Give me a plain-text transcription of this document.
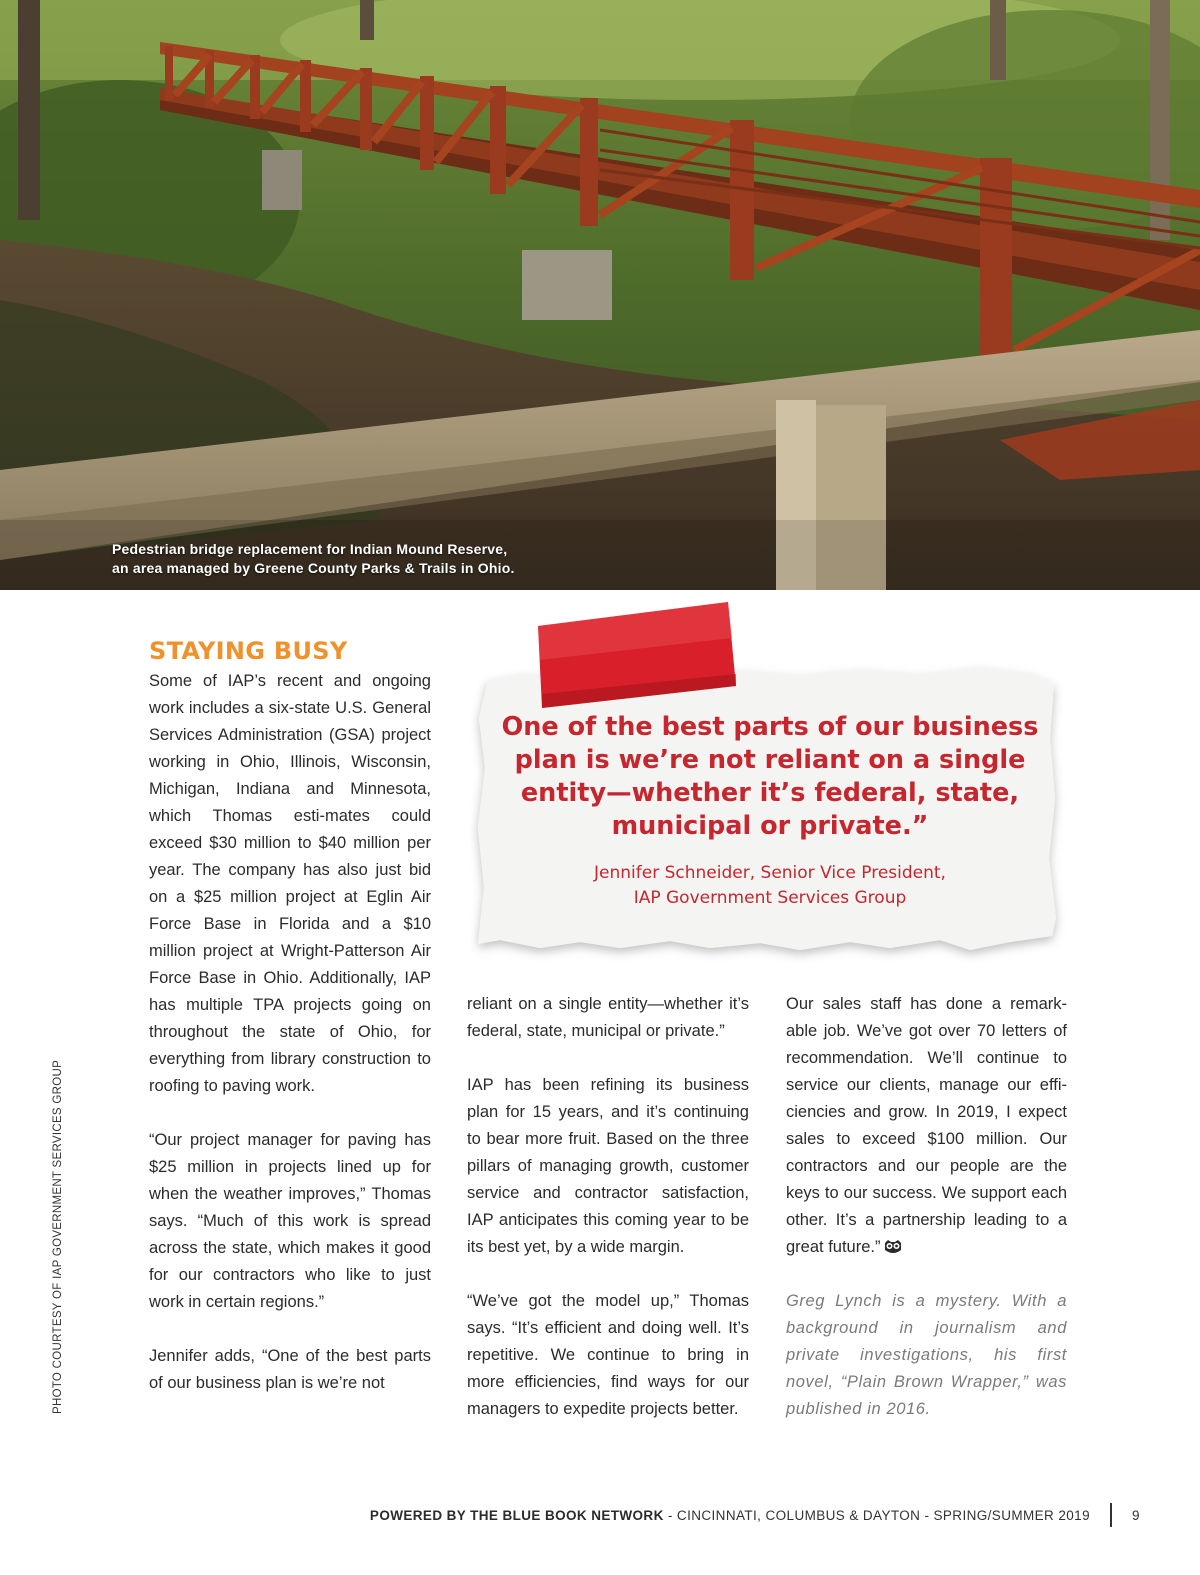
Pedestrian bridge replacement for Indian Mound Reserve,
an area managed by Greene County Parks & Trails in Ohio.
PHOTO COURTESY OF IAP GOVERNMENT SERVICES GROUP
STAYING BUSY

Some of IAP’s recent and ongoing work includes a six-state U.S. General Services Administration (GSA) project working in Ohio, Illinois, Wisconsin, Michigan, Indiana and Minnesota, which Thomas esti-mates could exceed $30 million to $40 million per year. The company has also just bid on a $25 million project at Eglin Air Force Base in Florida and a $10 million project at Wright-Patterson Air Force Base in Ohio. Additionally, IAP has multiple TPA projects going on throughout the state of Ohio, for everything from library construction to roofing to paving work.

“Our project manager for paving has $25 million in projects lined up for when the weather improves,” Thomas says. “Much of this work is spread across the state, which makes it good for our contractors who like to just work in certain regions.”

Jennifer adds, “One of the best parts of our business plan is we’re not

One of the best parts of our business plan is we’re not reliant on a single entity—whether it’s federal, state, municipal or private.”
Jennifer Schneider, Senior Vice President,
IAP Government Services Group

reliant on a single entity—whether it’s federal, state, municipal or private.”

IAP has been refining its business plan for 15 years, and it’s continuing to bear more fruit. Based on the three pillars of managing growth, customer service and contractor satisfaction, IAP anticipates this coming year to be its best yet, by a wide margin.

“We’ve got the model up,” Thomas says. “It’s efficient and doing well. It’s repetitive. We continue to bring in more efficiencies, find ways for our managers to expedite projects better.

Our sales staff has done a remark-able job. We’ve got over 70 letters of recommendation. We’ll continue to service our clients, manage our effi-ciencies and grow. In 2019, I expect sales to exceed $100 million. Our contractors and our people are the keys to our success. We support each other. It’s a partnership leading to a great future.”

Greg Lynch is a mystery. With a background in journalism and private investigations, his first novel, “Plain Brown Wrapper,” was published in 2016.

POWERED BY THE BLUE BOOK NETWORK - CINCINNATI, COLUMBUS & DAYTON - SPRING/SUMMER 2019	9
